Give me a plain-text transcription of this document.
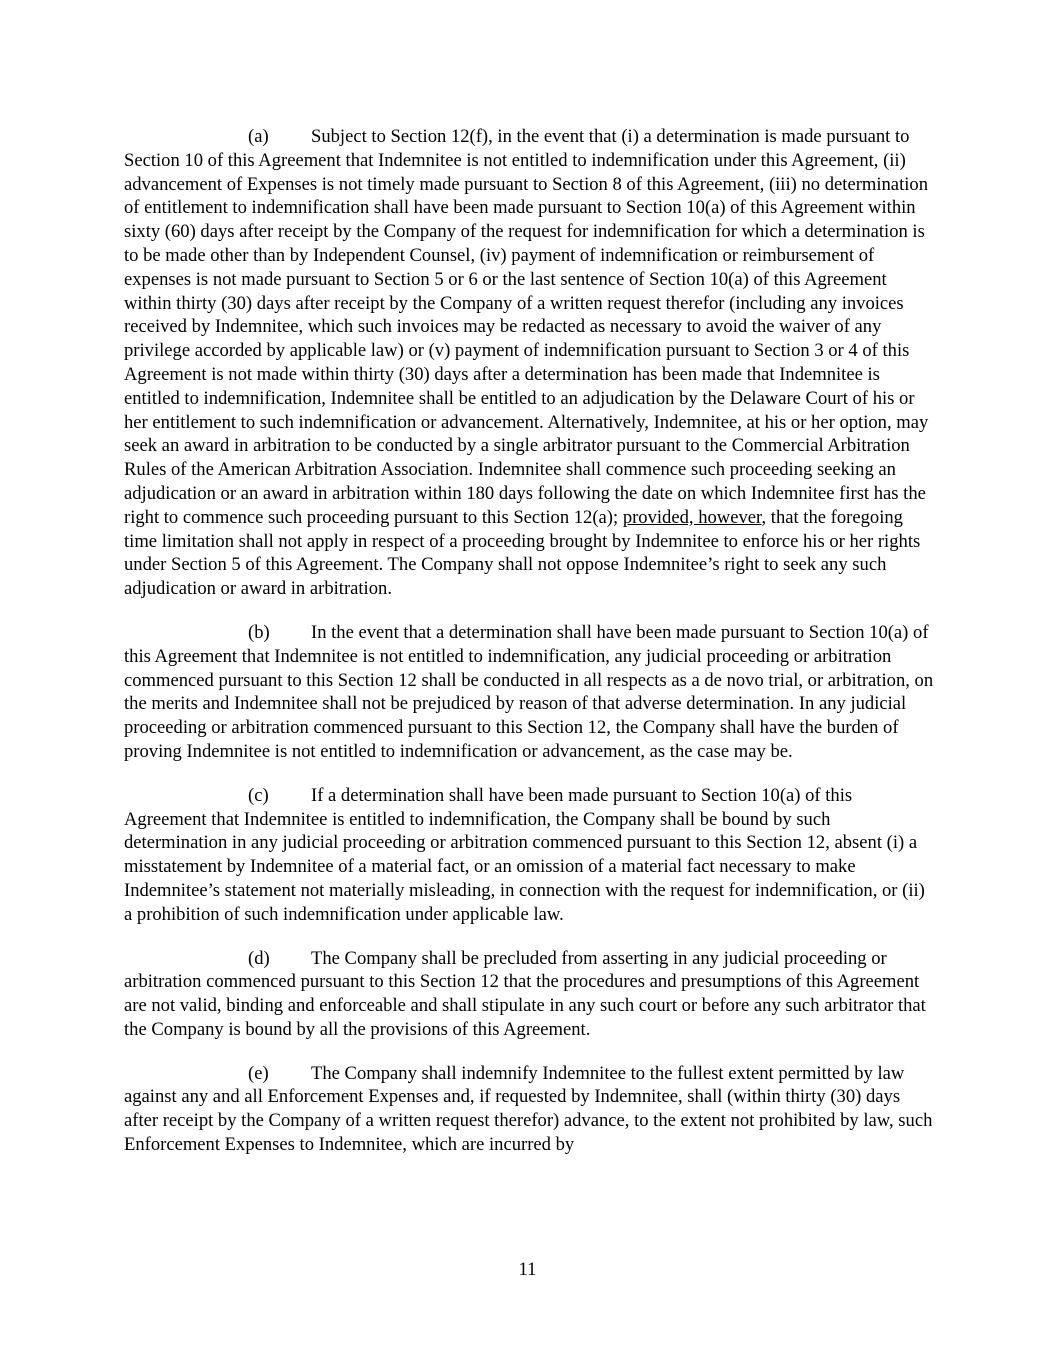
(a) Subject to Section 12(f), in the event that (i) a determination is made pursuant to Section 10 of this Agreement that Indemnitee is not entitled to indemnification under this Agreement, (ii) advancement of Expenses is not timely made pursuant to Section 8 of this Agreement, (iii) no determination of entitlement to indemnification shall have been made pursuant to Section 10(a) of this Agreement within sixty (60) days after receipt by the Company of the request for indemnification for which a determination is to be made other than by Independent Counsel, (iv) payment of indemnification or reimbursement of expenses is not made pursuant to Section 5 or 6 or the last sentence of Section 10(a) of this Agreement within thirty (30) days after receipt by the Company of a written request therefor (including any invoices received by Indemnitee, which such invoices may be redacted as necessary to avoid the waiver of any privilege accorded by applicable law) or (v) payment of indemnification pursuant to Section 3 or 4 of this Agreement is not made within thirty (30) days after a determination has been made that Indemnitee is entitled to indemnification, Indemnitee shall be entitled to an adjudication by the Delaware Court of his or her entitlement to such indemnification or advancement. Alternatively, Indemnitee, at his or her option, may seek an award in arbitration to be conducted by a single arbitrator pursuant to the Commercial Arbitration Rules of the American Arbitration Association. Indemnitee shall commence such proceeding seeking an adjudication or an award in arbitration within 180 days following the date on which Indemnitee first has the right to commence such proceeding pursuant to this Section 12(a); provided, however, that the foregoing time limitation shall not apply in respect of a proceeding brought by Indemnitee to enforce his or her rights under Section 5 of this Agreement. The Company shall not oppose Indemnitee’s right to seek any such adjudication or award in arbitration.

(b) In the event that a determination shall have been made pursuant to Section 10(a) of this Agreement that Indemnitee is not entitled to indemnification, any judicial proceeding or arbitration commenced pursuant to this Section 12 shall be conducted in all respects as a de novo trial, or arbitration, on the merits and Indemnitee shall not be prejudiced by reason of that adverse determination. In any judicial proceeding or arbitration commenced pursuant to this Section 12, the Company shall have the burden of proving Indemnitee is not entitled to indemnification or advancement, as the case may be.

(c) If a determination shall have been made pursuant to Section 10(a) of this Agreement that Indemnitee is entitled to indemnification, the Company shall be bound by such determination in any judicial proceeding or arbitration commenced pursuant to this Section 12, absent (i) a misstatement by Indemnitee of a material fact, or an omission of a material fact necessary to make Indemnitee’s statement not materially misleading, in connection with the request for indemnification, or (ii) a prohibition of such indemnification under applicable law.

(d) The Company shall be precluded from asserting in any judicial proceeding or arbitration commenced pursuant to this Section 12 that the procedures and presumptions of this Agreement are not valid, binding and enforceable and shall stipulate in any such court or before any such arbitrator that the Company is bound by all the provisions of this Agreement.

(e) The Company shall indemnify Indemnitee to the fullest extent permitted by law against any and all Enforcement Expenses and, if requested by Indemnitee, shall (within thirty (30) days after receipt by the Company of a written request therefor) advance, to the extent not prohibited by law, such Enforcement Expenses to Indemnitee, which are incurred by

11
